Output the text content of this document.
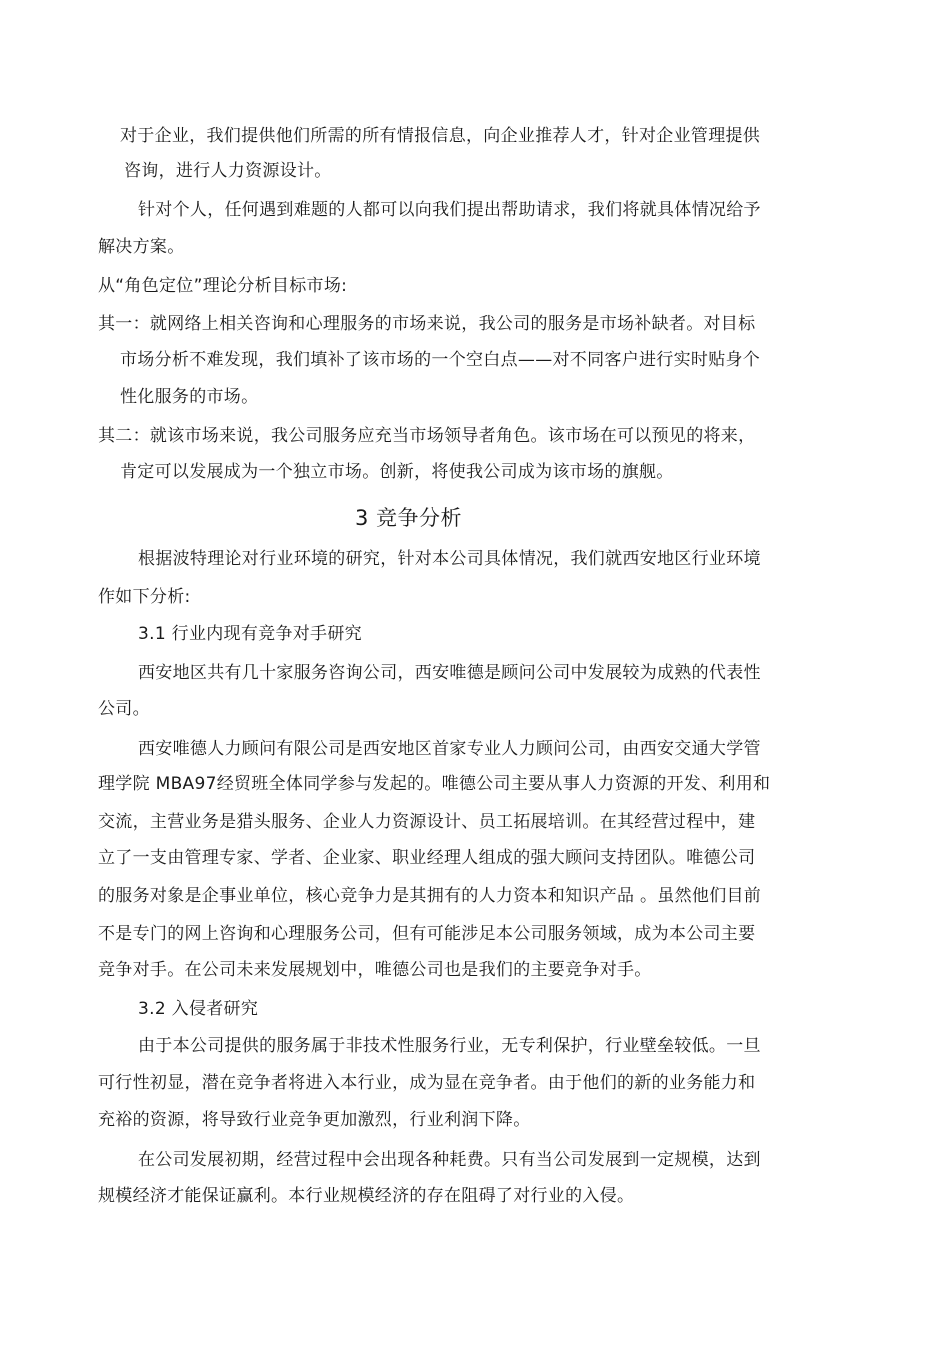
对于企业，我们提供他们所需的所有情报信息，向企业推荐人才，针对企业管理提供
咨询，进行人力资源设计。
针对个人，任何遇到难题的人都可以向我们提出帮助请求，我们将就具体情况给予
解决方案。
从“角色定位”理论分析目标市场:
其一：就网络上相关咨询和心理服务的市场来说，我公司的服务是市场补缺者。对目标
市场分析不难发现，我们填补了该市场的一个空白点——对不同客户进行实时贴身个
性化服务的市场。
其二：就该市场来说，我公司服务应充当市场领导者角色。该市场在可以预见的将来，
肯定可以发展成为一个独立市场。创新，将使我公司成为该市场的旗舰。
3 竞争分析
根据波特理论对行业环境的研究，针对本公司具体情况，我们就西安地区行业环境
作如下分析:
3.1 行业内现有竞争对手研究
西安地区共有几十家服务咨询公司，西安唯德是顾问公司中发展较为成熟的代表性
公司。
西安唯德人力顾问有限公司是西安地区首家专业人力顾问公司，由西安交通大学管
理学院 MBA97经贸班全体同学参与发起的。唯德公司主要从事人力资源的开发、利用和
交流，主营业务是猎头服务、企业人力资源设计、员工拓展培训。在其经营过程中，建
立了一支由管理专家、学者、企业家、职业经理人组成的强大顾问支持团队。唯德公司
的服务对象是企事业单位，核心竞争力是其拥有的人力资本和知识产品 。虽然他们目前
不是专门的网上咨询和心理服务公司，但有可能涉足本公司服务领域，成为本公司主要
竞争对手。在公司未来发展规划中，唯德公司也是我们的主要竞争对手。
3.2 入侵者研究
由于本公司提供的服务属于非技术性服务行业，无专利保护，行业壁垒较低。一旦
可行性初显，潜在竞争者将进入本行业，成为显在竞争者。由于他们的新的业务能力和
充裕的资源，将导致行业竞争更加激烈，行业利润下降。
在公司发展初期，经营过程中会出现各种耗费。只有当公司发展到一定规模，达到
规模经济才能保证赢利。本行业规模经济的存在阻碍了对行业的入侵。
